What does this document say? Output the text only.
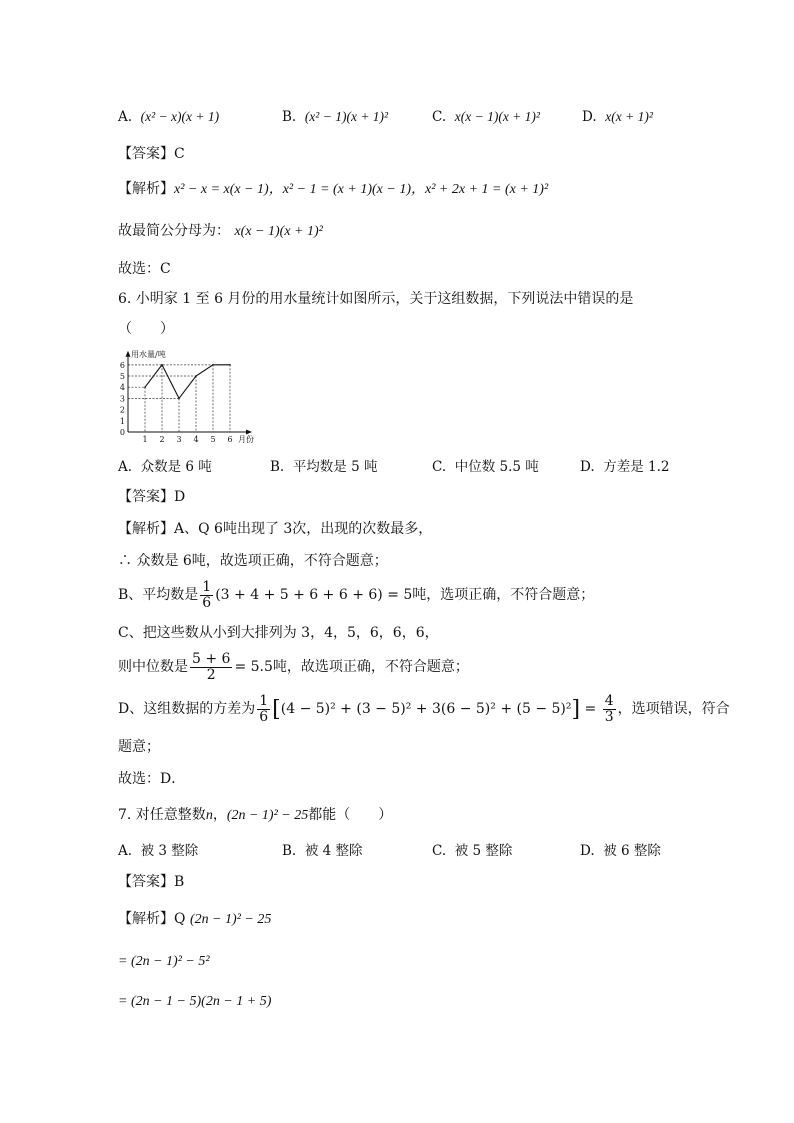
A. (x² − x)(x + 1)	B. (x² − 1)(x + 1)²	C. x(x − 1)(x + 1)²	D. x(x + 1)²
【答案】C
【解析】x² − x = x(x − 1)，x² − 1 = (x + 1)(x − 1)，x² + 2x + 1 = (x + 1)²
故最简公分母为： x(x − 1)(x + 1)²
故选：C
6. 小明家 1 至 6 月份的用水量统计如图所示，关于这组数据，下列说法中错误的是
（　　）
1
2
3
4
5
6
0
1 2 3 4 5 6
用水量/吨
月份
A. 众数是 6 吨	B. 平均数是 5 吨	C. 中位数 5.5 吨	D. 方差是 1.2
【答案】D
【解析】A、Q 6吨出现了 3次，出现的次数最多，
∴ 众数是 6吨，故选项正确，不符合题意；
B、平均数是 $\frac{1}{6} (3 + 4 + 5 + 6 + 6 + 6) = 5$吨，选项正确，不符合题意；
C、把这些数从小到大排列为 3，4，5，6，6，6，
则中位数是 $\frac{5 + 6}{2} = 5.5$吨，故选项正确，不符合题意；
D、这组数据的方差为 $\frac{1}{6} [(4 - 5)^2 + (3 - 5)^2 + 3(6 - 5)^2 + (5 - 5)^2] = \frac{4}{3}$ ，选项错误，符合
题意；
故选：D．
7. 对任意整数n，(2n − 1)² − 25都能（　　）
A. 被 3 整除	B. 被 4 整除	C. 被 5 整除	D. 被 6 整除
【答案】B
【解析】Q (2n − 1)² − 25
= (2n − 1)² − 5²
= (2n − 1 − 5)(2n − 1 + 5)
